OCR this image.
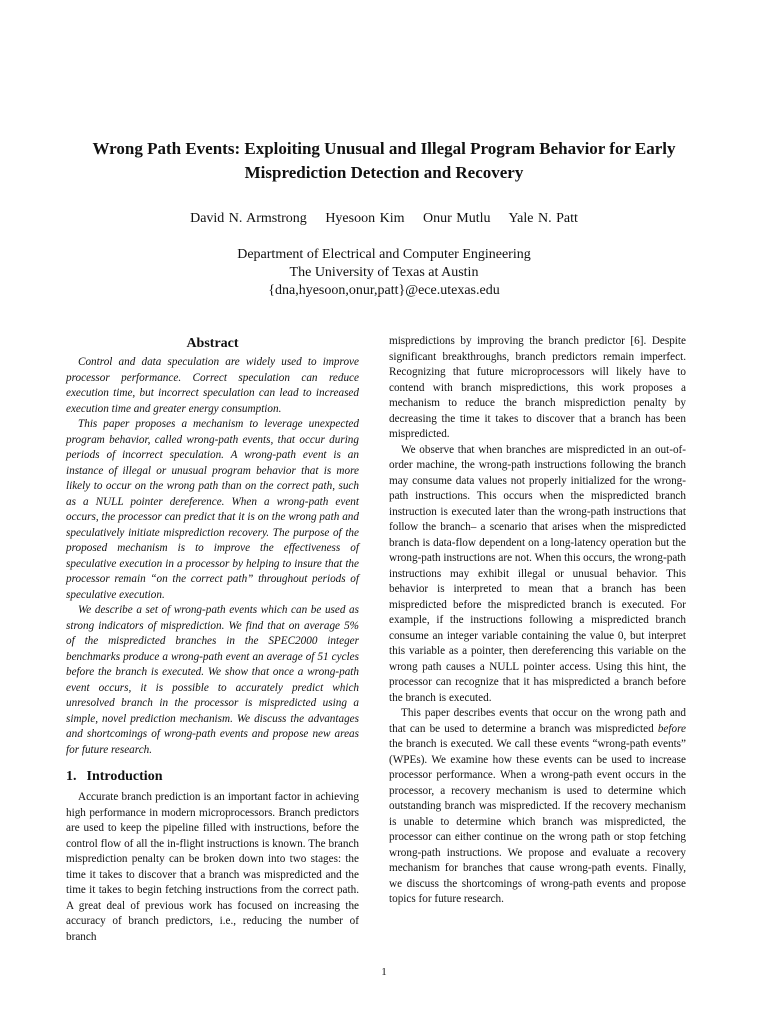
Wrong Path Events: Exploiting Unusual and Illegal Program Behavior for Early
Misprediction Detection and Recovery
David N. Armstrong Hyesoon Kim Onur Mutlu Yale N. Patt
Department of Electrical and Computer Engineering
The University of Texas at Austin
{dna,hyesoon,onur,patt}@ece.utexas.edu
Abstract

Control and data speculation are widely used to improve processor performance. Correct speculation can reduce execution time, but incorrect speculation can lead to increased execution time and greater energy consumption.

This paper proposes a mechanism to leverage unexpected program behavior, called wrong-path events, that occur during periods of incorrect speculation. A wrong-path event is an instance of illegal or unusual program behavior that is more likely to occur on the wrong path than on the correct path, such as a NULL pointer dereference. When a wrong-path event occurs, the processor can predict that it is on the wrong path and speculatively initiate misprediction recovery. The purpose of the proposed mechanism is to improve the effectiveness of speculative execution in a processor by helping to insure that the processor remain “on the correct path” throughout periods of speculative execution.

We describe a set of wrong-path events which can be used as strong indicators of misprediction. We find that on average 5% of the mispredicted branches in the SPEC2000 integer benchmarks produce a wrong-path event an average of 51 cycles before the branch is executed. We show that once a wrong-path event occurs, it is possible to accurately predict which unresolved branch in the processor is mispredicted using a simple, novel prediction mechanism. We discuss the advantages and shortcomings of wrong-path events and propose new areas for future research.

1. Introduction

Accurate branch prediction is an important factor in achieving high performance in modern microprocessors. Branch predictors are used to keep the pipeline filled with instructions, before the control flow of all the in-flight instructions is known. The branch misprediction penalty can be broken down into two stages: the time it takes to discover that a branch was mispredicted and the time it takes to begin fetching instructions from the correct path. A great deal of previous work has focused on increasing the accuracy of branch predictors, i.e., reducing the number of branch

mispredictions by improving the branch predictor [6]. Despite significant breakthroughs, branch predictors remain imperfect. Recognizing that future microprocessors will likely have to contend with branch mispredictions, this work proposes a mechanism to reduce the branch misprediction penalty by decreasing the time it takes to discover that a branch has been mispredicted.

We observe that when branches are mispredicted in an out-of-order machine, the wrong-path instructions following the branch may consume data values not properly initialized for the wrong-path instructions. This occurs when the mispredicted branch instruction is executed later than the wrong-path instructions that follow the branch– a scenario that arises when the mispredicted branch is data-flow dependent on a long-latency operation but the wrong-path instructions are not. When this occurs, the wrong-path instructions may exhibit illegal or unusual behavior. This behavior is interpreted to mean that a branch has been mispredicted before the mispredicted branch is executed. For example, if the instructions following a mispredicted branch consume an integer variable containing the value 0, but interpret this variable as a pointer, then dereferencing this variable on the wrong path causes a NULL pointer access. Using this hint, the processor can recognize that it has mispredicted a branch before the branch is executed.

This paper describes events that occur on the wrong path and that can be used to determine a branch was mispredicted before the branch is executed. We call these events “wrong-path events” (WPEs). We examine how these events can be used to increase processor performance. When a wrong-path event occurs in the processor, a recovery mechanism is used to determine which outstanding branch was mispredicted. If the recovery mechanism is unable to determine which branch was mispredicted, the processor can either continue on the wrong path or stop fetching wrong-path instructions. We propose and evaluate a recovery mechanism for branches that cause wrong-path events. Finally, we discuss the shortcomings of wrong-path events and propose topics for future research.

1
